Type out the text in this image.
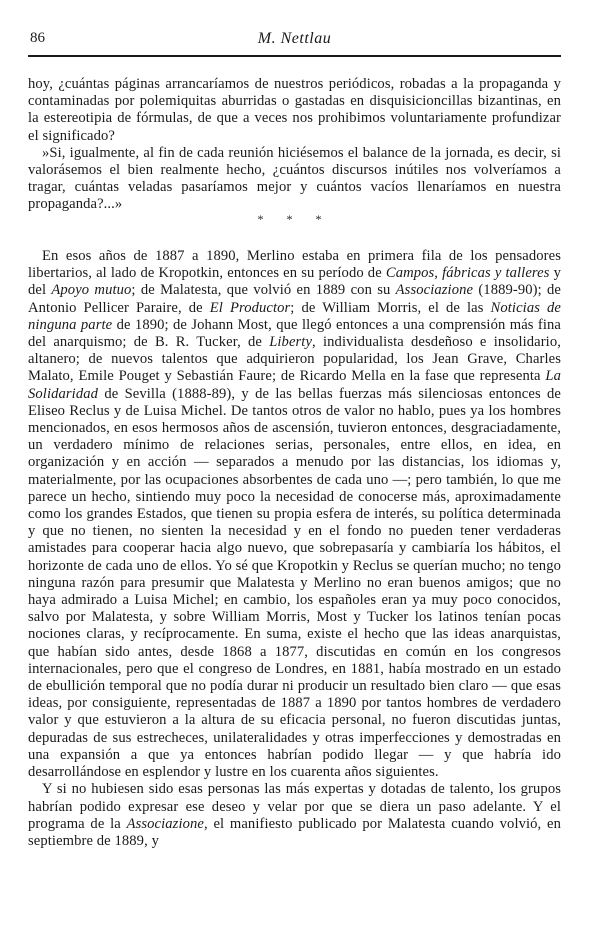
86	M. Nettlau

hoy, ¿cuántas páginas arrancaríamos de nuestros periódicos, robadas a la propaganda y contaminadas por polemiquitas aburridas o gastadas en disquisicioncillas bizantinas, en la estereotipia de fórmulas, de que a veces nos prohibimos voluntariamente profundizar el significado?

»Si, igualmente, al fin de cada reunión hiciésemos el balance de la jornada, es decir, si valorásemos el bien realmente hecho, ¿cuántos discursos inútiles nos volveríamos a tragar, cuántas veladas pasaríamos mejor y cuántos vacíos llenaríamos en nuestra propaganda?...»

* * *

En esos años de 1887 a 1890, Merlino estaba en primera fila de los pensadores libertarios, al lado de Kropotkin, entonces en su período de Campos, fábricas y talleres y del Apoyo mutuo; de Malatesta, que volvió en 1889 con su Associazione (1889-90); de Antonio Pellicer Paraire, de El Productor; de William Morris, el de las Noticias de ninguna parte de 1890; de Johann Most, que llegó entonces a una comprensión más fina del anarquismo; de B. R. Tucker, de Liberty, individualista desdeñoso e insolidario, altanero; de nuevos talentos que adquirieron popularidad, los Jean Grave, Charles Malato, Emile Pouget y Sebastián Faure; de Ricardo Mella en la fase que representa La Solidaridad de Sevilla (1888-89), y de las bellas fuerzas más silenciosas entonces de Eliseo Reclus y de Luisa Michel. De tantos otros de valor no hablo, pues ya los hombres mencionados, en esos hermosos años de ascensión, tuvieron entonces, desgraciadamente, un verdadero mínimo de relaciones serias, personales, entre ellos, en idea, en organización y en acción — separados a menudo por las distancias, los idiomas y, materialmente, por las ocupaciones absorbentes de cada uno —; pero también, lo que me parece un hecho, sintiendo muy poco la necesidad de conocerse más, aproximadamente como los grandes Estados, que tienen su propia esfera de interés, su política determinada y que no tienen, no sienten la necesidad y en el fondo no pueden tener verdaderas amistades para cooperar hacia algo nuevo, que sobrepasaría y cambiaría los hábitos, el horizonte de cada uno de ellos. Yo sé que Kropotkin y Reclus se querían mucho; no tengo ninguna razón para presumir que Malatesta y Merlino no eran buenos amigos; que no haya admirado a Luisa Michel; en cambio, los españoles eran ya muy poco conocidos, salvo por Malatesta, y sobre William Morris, Most y Tucker los latinos tenían pocas nociones claras, y recíprocamente. En suma, existe el hecho que las ideas anarquistas, que habían sido antes, desde 1868 a 1877, discutidas en común en los congresos internacionales, pero que el congreso de Londres, en 1881, había mostrado en un estado de ebullición temporal que no podía durar ni producir un resultado bien claro — que esas ideas, por consiguiente, representadas de 1887 a 1890 por tantos hombres de verdadero valor y que estuvieron a la altura de su eficacia personal, no fueron discutidas juntas, depuradas de sus estrecheces, unilateralidades y otras imperfecciones y demostradas en una expansión a que ya entonces habrían podido llegar — y que habría ido desarrollándose en esplendor y lustre en los cuarenta años siguientes.

Y si no hubiesen sido esas personas las más expertas y dotadas de talento, los grupos habrían podido expresar ese deseo y velar por que se diera un paso adelante. Y el programa de la Associazione, el manifiesto publicado por Malatesta cuando volvió, en septiembre de 1889, y
